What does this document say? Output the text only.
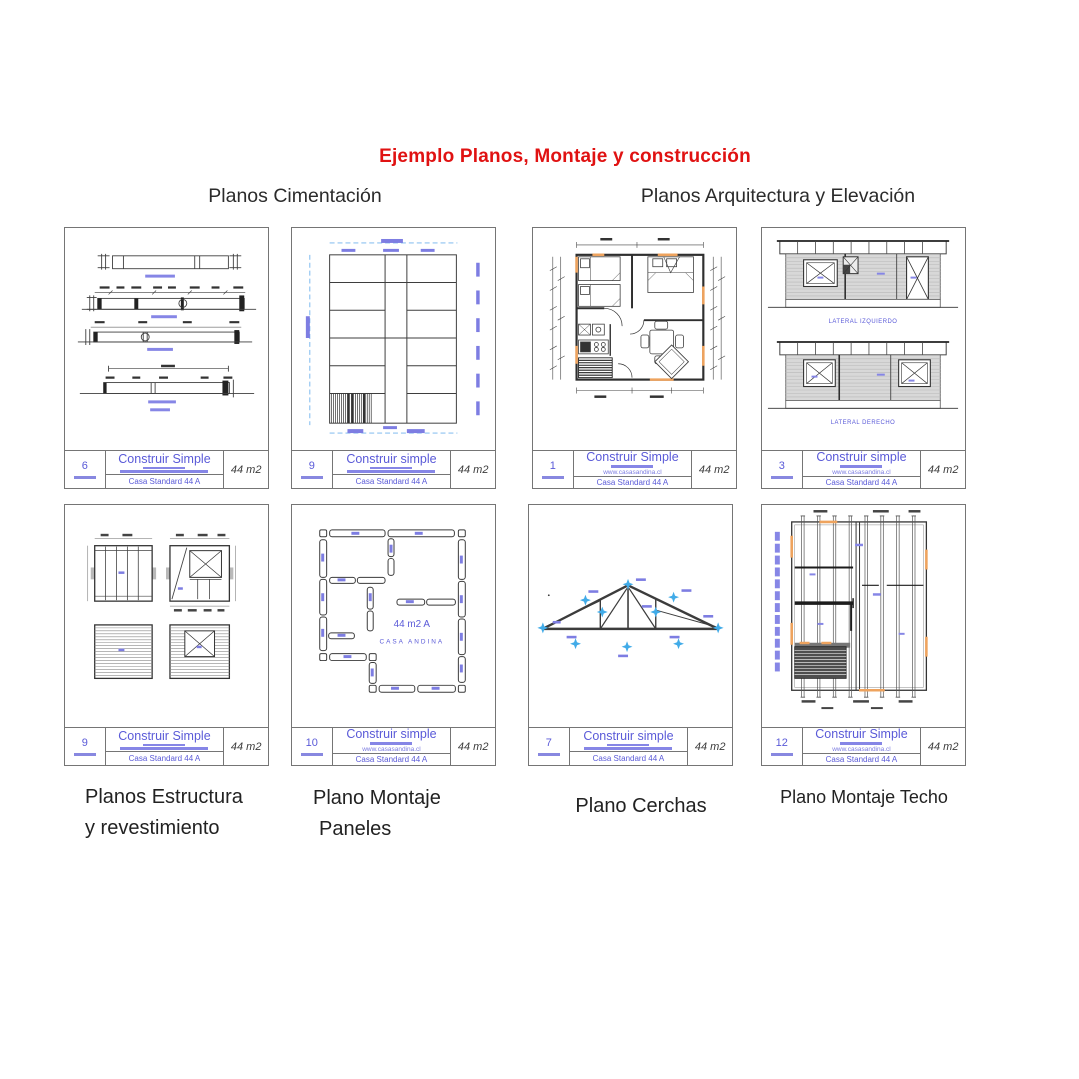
Ejemplo Planos, Montaje y construcción
Planos Cimentación	Planos Arquitectura y Elevación
6
Construir Simple
Casa Standard 44 A
44 m2	9
Construir simple
Casa Standard 44 A
44 m2	1
Construir Simple
www.casasandina.cl
Casa Standard 44 A
44 m2
LATERAL IZQUIERDO
LATERAL DERECHO
3
Construir simple
www.casasandina.cl
Casa Standard 44 A
44 m2
9
Construir Simple
Casa Standard 44 A
44 m2
44 m2 A
CASA ANDINA
10
Construir simple
www.casasandina.cl
Casa Standard 44 A
44 m2	7
Construir simple
Casa Standard 44 A
44 m2	12
Construir Simple
www.casasandina.cl
Casa Standard 44 A
44 m2
Planos Estructura
y revestimiento
Plano Montaje
Paneles
Plano Cerchas	Plano Montaje Techo
